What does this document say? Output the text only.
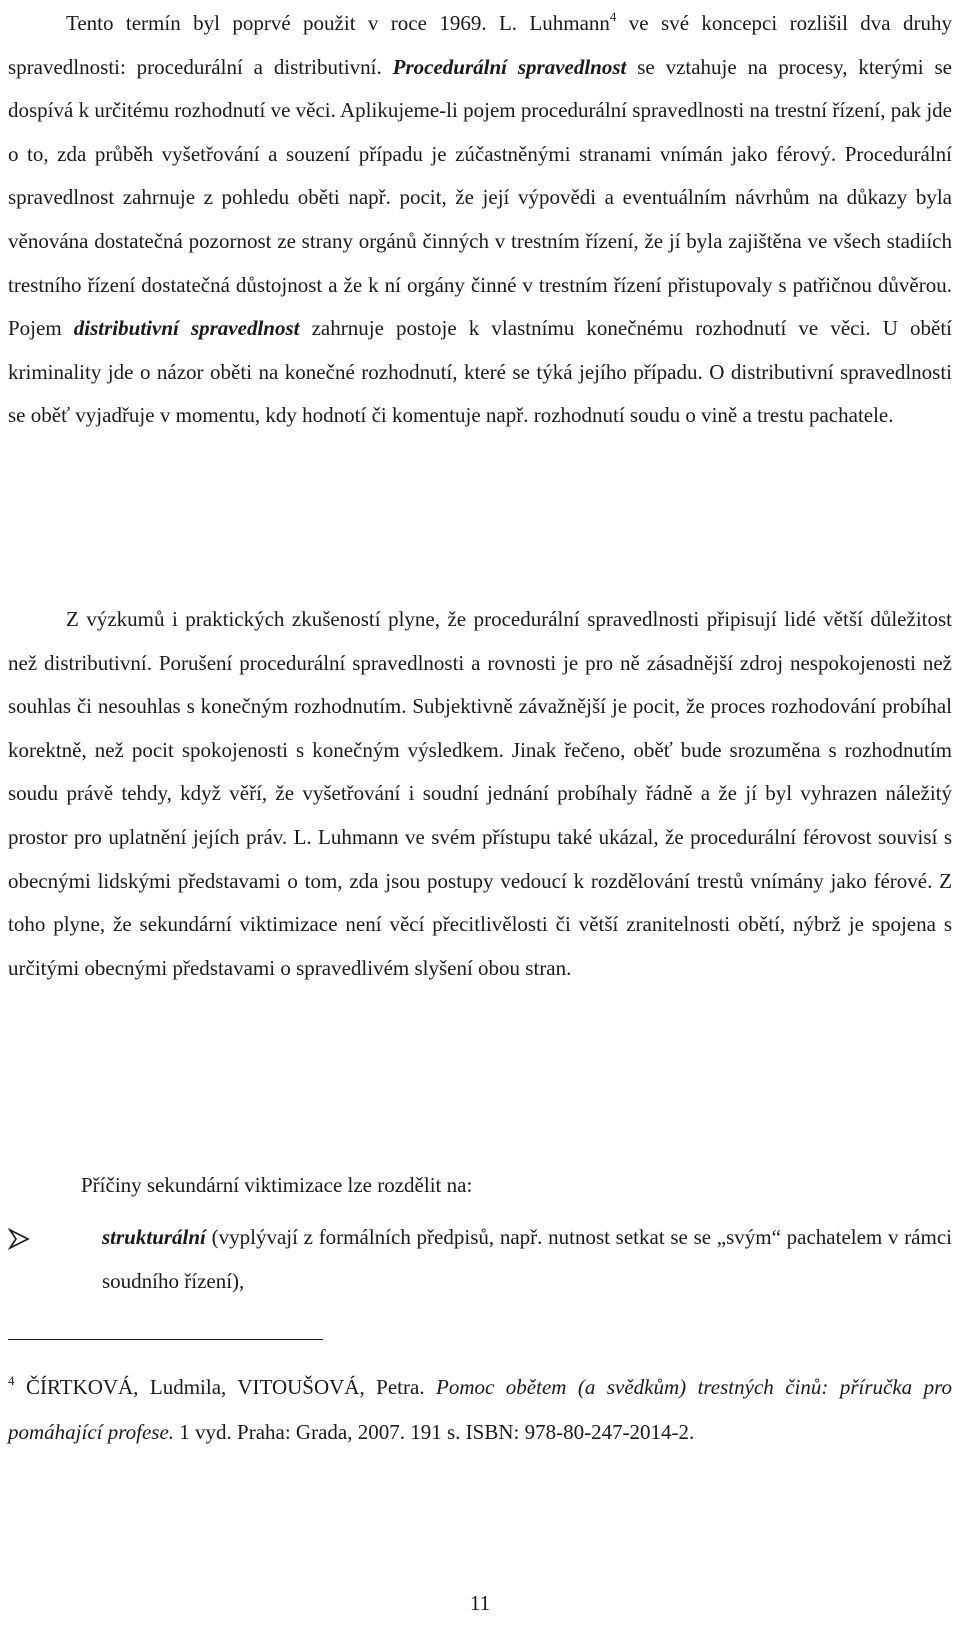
Tento termín byl poprvé použit v roce 1969. L. Luhmann$^4$ ve své koncepci rozlišil dva druhy spravedlnosti: procedurální a distributivní. Procedurální spravedlnost se vztahuje na procesy, kterými se dospívá k určitému rozhodnutí ve věci. Aplikujeme-li pojem procedurální spravedlnosti na trestní řízení, pak jde o to, zda průběh vyšetřování a souzení případu je zúčastněnými stranami vnímán jako férový. Procedurální spravedlnost zahrnuje z pohledu oběti např. pocit, že její výpovědi a eventuálním návrhům na důkazy byla věnována dostatečná pozornost ze strany orgánů činných v trestním řízení, že jí byla zajištěna ve všech stadiích trestního řízení dostatečná důstojnost a že k ní orgány činné v trestním řízení přistupovaly s patřičnou důvěrou. Pojem distributivní spravedlnost zahrnuje postoje k vlastnímu konečnému rozhodnutí ve věci. U obětí kriminality jde o názor oběti na konečné rozhodnutí, které se týká jejího případu. O distributivní spravedlnosti se oběť vyjadřuje v momentu, kdy hodnotí či komentuje např. rozhodnutí soudu o vině a trestu pachatele.
Z výzkumů i praktických zkušeností plyne, že procedurální spravedlnosti připisují lidé větší důležitost než distributivní. Porušení procedurální spravedlnosti a rovnosti je pro ně zásadnější zdroj nespokojenosti než souhlas či nesouhlas s konečným rozhodnutím. Subjektivně závažnější je pocit, že proces rozhodování probíhal korektně, než pocit spokojenosti s konečným výsledkem. Jinak řečeno, oběť bude srozuměna s rozhodnutím soudu právě tehdy, když věří, že vyšetřování i soudní jednání probíhaly řádně a že jí byl vyhrazen náležitý prostor pro uplatnění jejích práv. L. Luhmann ve svém přístupu také ukázal, že procedurální férovost souvisí s obecnými lidskými představami o tom, zda jsou postupy vedoucí k rozdělování trestů vnímány jako férové. Z toho plyne, že sekundární viktimizace není věcí přecitlivělosti či větší zranitelnosti obětí, nýbrž je spojena s určitými obecnými představami o spravedlivém slyšení obou stran.
Příčiny sekundární viktimizace lze rozdělit na:
strukturální (vyplývají z formálních předpisů, např. nutnost setkat se se „svým“ pachatelem v rámci soudního řízení),
$^4$ ČÍRTKOVÁ, Ludmila, VITOUŠOVÁ, Petra. Pomoc obětem (a svědkům) trestných činů: příručka pro pomáhající profese. 1 vyd. Praha: Grada, 2007. 191 s. ISBN: 978-80-247-2014-2.
11
